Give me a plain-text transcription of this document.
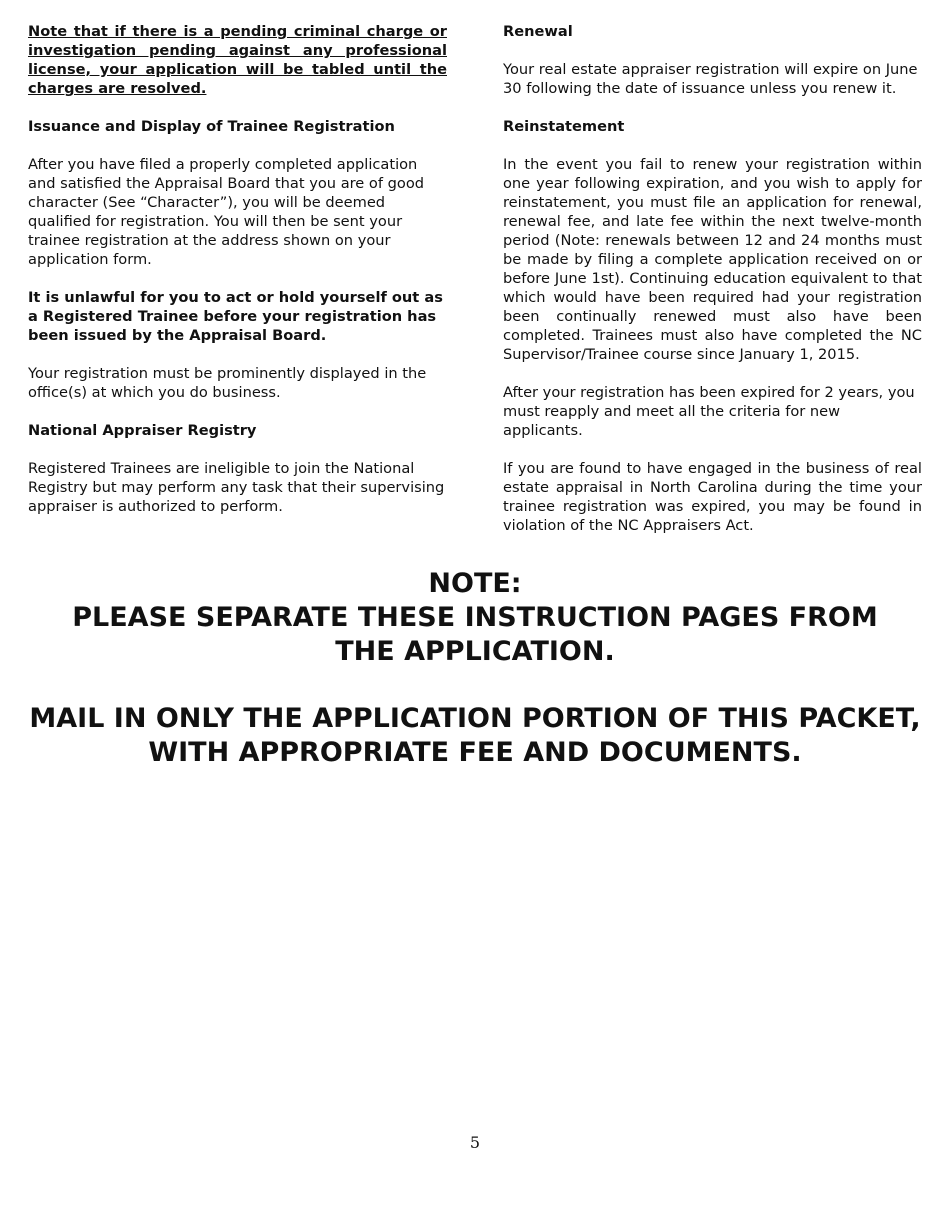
Note that if there is a pending criminal charge or investigation pending against any professional license, your application will be tabled until the charges are resolved.

Issuance and Display of Trainee Registration

After you have filed a properly completed application and satisfied the Appraisal Board that you are of good character (See “Character”), you will be deemed qualified for registration. You will then be sent your trainee registration at the address shown on your application form.

It is unlawful for you to act or hold yourself out as a Registered Trainee before your registration has been issued by the Appraisal Board.

Your registration must be prominently displayed in the office(s) at which you do business.

National Appraiser Registry

Registered Trainees are ineligible to join the National Registry but may perform any task that their supervising appraiser is authorized to perform.

Renewal

Your real estate appraiser registration will expire on June 30 following the date of issuance unless you renew it.

Reinstatement

In the event you fail to renew your registration within one year following expiration, and you wish to apply for reinstatement, you must file an application for renewal, renewal fee, and late fee within the next twelve-month period (Note: renewals between 12 and 24 months must be made by filing a complete application received on or before June 1st). Continuing education equivalent to that which would have been required had your registration been continually renewed must also have been completed. Trainees must also have completed the NC Supervisor/Trainee course since January 1, 2015.

After your registration has been expired for 2 years, you must reapply and meet all the criteria for new applicants.

If you are found to have engaged in the business of real estate appraisal in North Carolina during the time your trainee registration was expired, you may be found in violation of the NC Appraisers Act.

NOTE:
PLEASE SEPARATE THESE INSTRUCTION PAGES FROM
THE APPLICATION.
MAIL IN ONLY THE APPLICATION PORTION OF THIS PACKET,
WITH APPROPRIATE FEE AND DOCUMENTS.
5
